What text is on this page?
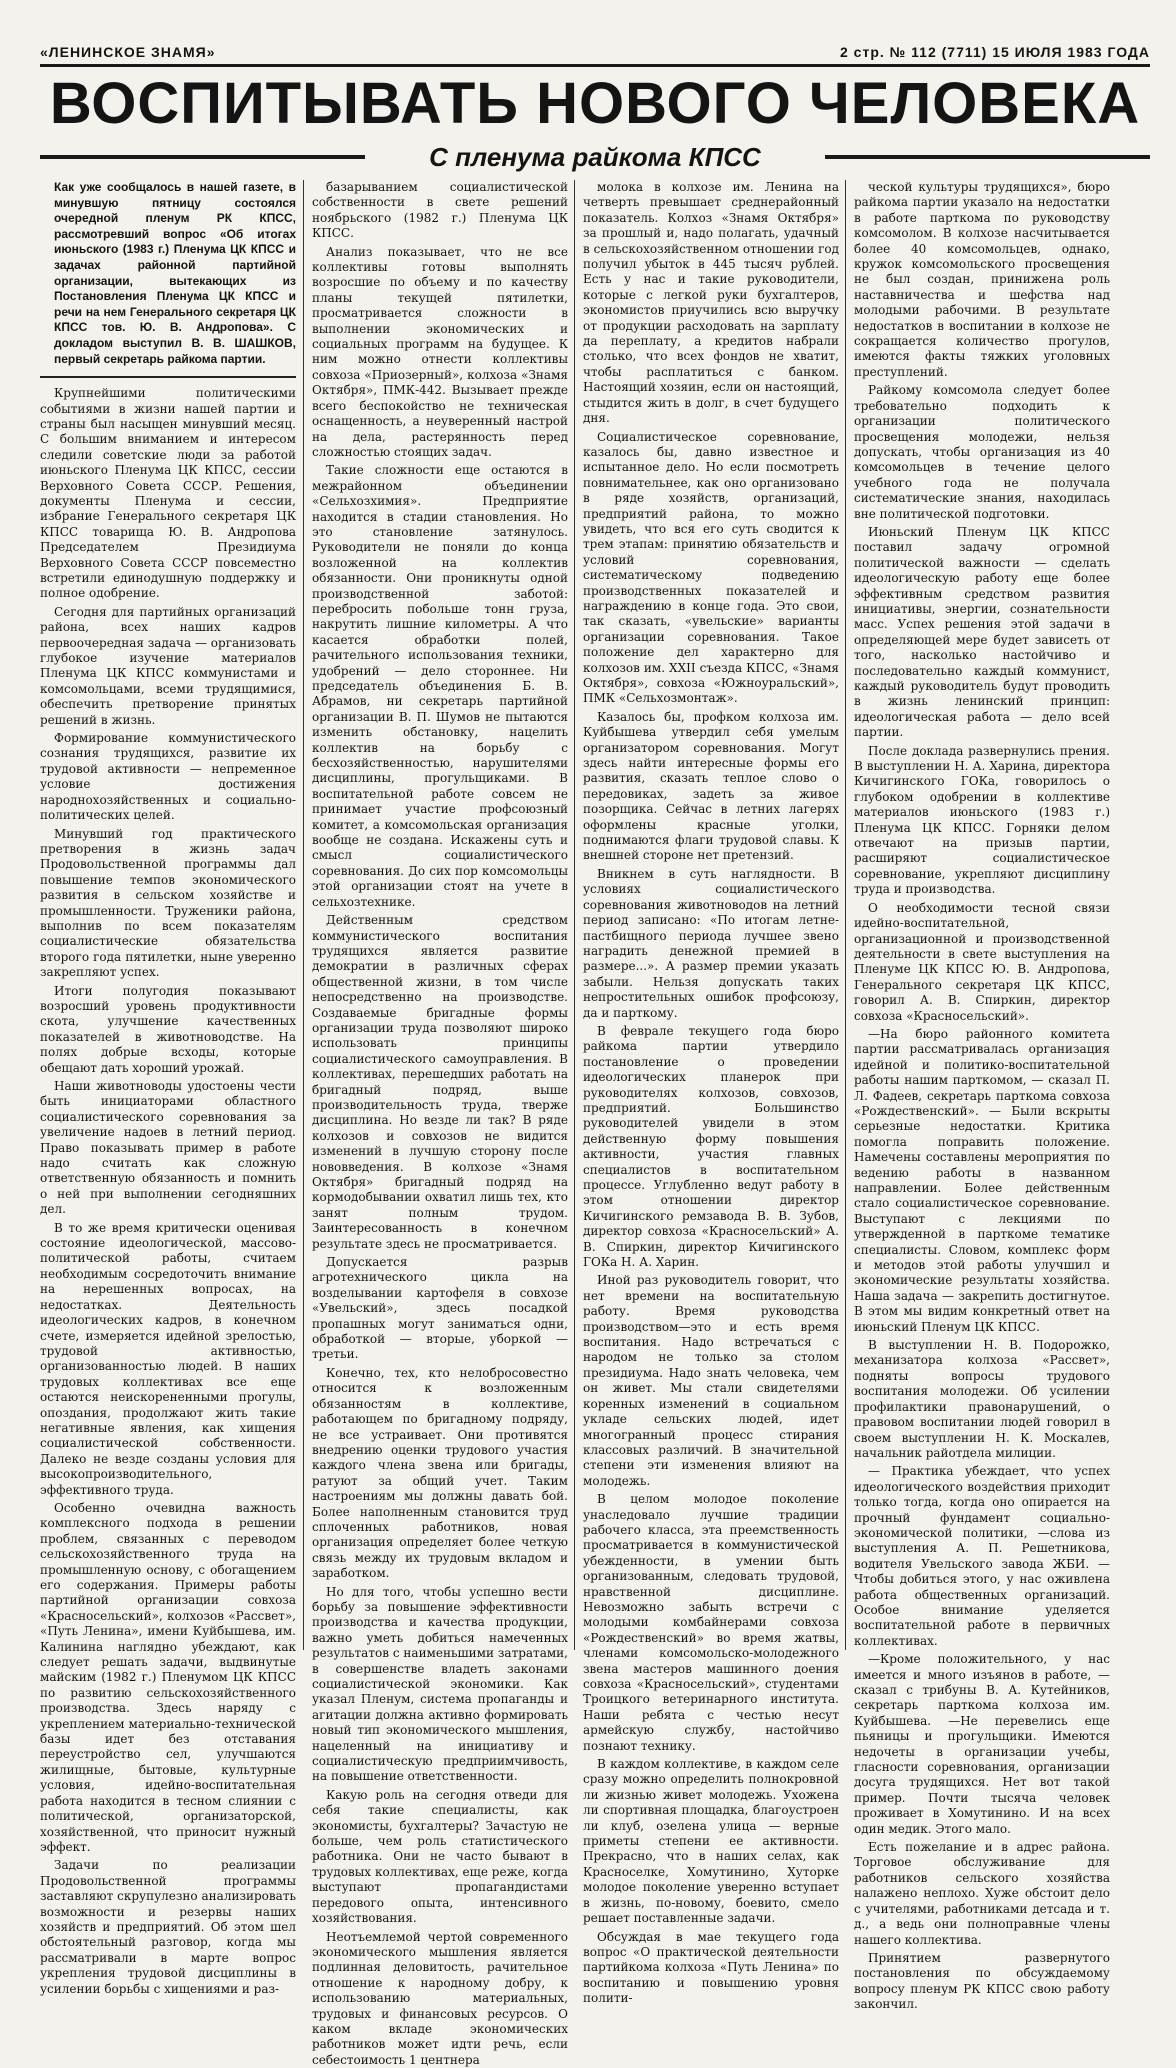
«ЛЕНИНСКОЕ ЗНАМЯ»	2 стр. № 112 (7711) 15 ИЮЛЯ 1983 ГОДА
ВОСПИТЫВАТЬ НОВОГО ЧЕЛОВЕКА
С пленума райкома КПСС

Как уже сообщалось в нашей газете, в минувшую пятницу состоялся очередной пленум РК КПСС, рассмотревший вопрос «Об итогах июньского (1983 г.) Пленума ЦК КПСС и задачах районной партийной организации, вытекающих из Постановления Пленума ЦК КПСС и речи на нем Генерального секретаря ЦК КПСС тов. Ю. В. Андропова». С докладом выступил В. В. ШАШКОВ, первый секретарь райкома партии.

Крупнейшими политическими событиями в жизни нашей партии и страны был насыщен минувший месяц. С большим вниманием и интересом следили советские люди за работой июньского Пленума ЦК КПСС, сессии Верховного Совета СССР. Решения, документы Пленума и сессии, избрание Генерального секретаря ЦК КПСС товарища Ю. В. Андропова Председателем Президиума Верховного Совета СССР повсеместно встретили единодушную поддержку и полное одобрение.

Сегодня для партийных организаций района, всех наших кадров первоочередная задача — организовать глубокое изучение материалов Пленума ЦК КПСС коммунистами и комсомольцами, всеми трудящимися, обеспечить претворение принятых решений в жизнь.

Формирование коммунистического сознания трудящихся, развитие их трудовой активности — непременное условие достижения народнохозяйственных и социально-политических целей.

Минувший год практического претворения в жизнь задач Продовольственной программы дал повышение темпов экономического развития в сельском хозяйстве и промышленности. Труженики района, выполнив по всем показателям социалистические обязательства второго года пятилетки, ныне уверенно закрепляют успех.

Итоги полугодия показывают возросший уровень продуктивности скота, улучшение качественных показателей в животноводстве. На полях добрые всходы, которые обещают дать хороший урожай.

Наши животноводы удостоены чести быть инициаторами областного социалистического соревнования за увеличение надоев в летний период. Право показывать пример в работе надо считать как сложную ответственную обязанность и помнить о ней при выполнении сегодняшних дел.

В то же время критически оценивая состояние идеологической, массово-политической работы, считаем необходимым сосредоточить внимание на нерешенных вопросах, на недостатках. Деятельность идеологических кадров, в конечном счете, измеряется идейной зрелостью, трудовой активностью, организованностью людей. В наших трудовых коллективах все еще остаются неискорененными прогулы, опоздания, продолжают жить такие негативные явления, как хищения социалистической собственности. Далеко не везде созданы условия для высокопроизводительного, эффективного труда.

Особенно очевидна важность комплексного подхода в решении проблем, связанных с переводом сельскохозяйственного труда на промышленную основу, с обогащением его содержания. Примеры работы партийной организации совхоза «Красносельский», колхозов «Рассвет», «Путь Ленина», имени Куйбышева, им. Калинина наглядно убеждают, как следует решать задачи, выдвинутые майским (1982 г.) Пленумом ЦК КПСС по развитию сельскохозяйственного производства. Здесь наряду с укреплением материально-технической базы идет без отставания переустройство сел, улучшаются жилищные, бытовые, культурные условия, идейно-воспитательная работа находится в тесном слиянии с политической, организаторской, хозяйственной, что приносит нужный эффект.

Задачи по реализации Продовольственной программы заставляют скрупулезно анализировать возможности и резервы наших хозяйств и предприятий. Об этом шел обстоятельный разговор, когда мы рассматривали в марте вопрос укрепления трудовой дисциплины в усилении борьбы с хищениями и раз-

базарыванием социалистической собственности в свете решений ноябрьского (1982 г.) Пленума ЦК КПСС.

Анализ показывает, что не все коллективы готовы выполнять возросшие по объему и по качеству планы текущей пятилетки, просматривается сложности в выполнении экономических и социальных программ на будущее. К ним можно отнести коллективы совхоза «Приозерный», колхоза «Знамя Октября», ПМК-442. Вызывает прежде всего беспокойство не техническая оснащенность, а неуверенный настрой на дела, растерянность перед сложностью стоящих задач.

Такие сложности еще остаются в межрайонном объединении «Сельхозхимия». Предприятие находится в стадии становления. Но это становление затянулось. Руководители не поняли до конца возложенной на коллектив обязанности. Они проникнуты одной производственной заботой: перебросить побольше тонн груза, накрутить лишние километры. А что касается обработки полей, рачительного использования техники, удобрений — дело стороннее. Ни председатель объединения Б. В. Абрамов, ни секретарь партийной организации В. П. Шумов не пытаются изменить обстановку, нацелить коллектив на борьбу с бесхозяйственностью, нарушителями дисциплины, прогульщиками. В воспитательной работе совсем не принимает участие профсоюзный комитет, а комсомольская организация вообще не создана. Искажены суть и смысл социалистического соревнования. До сих пор комсомольцы этой организации стоят на учете в сельхозтехнике.

Действенным средством коммунистического воспитания трудящихся является развитие демократии в различных сферах общественной жизни, в том числе непосредственно на производстве. Создаваемые бригадные формы организации труда позволяют широко использовать принципы социалистического самоуправления. В коллективах, перешедших работать на бригадный подряд, выше производительность труда, тверже дисциплина. Но везде ли так? В ряде колхозов и совхозов не видится изменений в лучшую сторону после нововведения. В колхозе «Знамя Октября» бригадный подряд на кормодобывании охватил лишь тех, кто занят полным трудом. Заинтересованность в конечном результате здесь не просматривается.

Допускается разрыв агротехнического цикла на возделывании картофеля в совхозе «Увельский», здесь посадкой пропашных могут заниматься одни, обработкой — вторые, уборкой — третьи.

Конечно, тех, кто нелобросовестно относится к возложенным обязанностям в коллективе, работающем по бригадному подряду, не все устраивает. Они противятся внедрению оценки трудового участия каждого члена звена или бригады, ратуют за общий учет. Таким настроениям мы должны давать бой. Более наполненным становится труд сплоченных работников, новая организация определяет более четкую связь между их трудовым вкладом и заработком.

Но для того, чтобы успешно вести борьбу за повышение эффективности производства и качества продукции, важно уметь добиться намеченных результатов с наименьшими затратами, в совершенстве владеть законами социалистической экономики. Как указал Пленум, система пропаганды и агитации должна активно формировать новый тип экономического мышления, нацеленный на инициативу и социалистическую предприимчивость, на повышение ответственности.

Какую роль на сегодня отведи для себя такие специалисты, как экономисты, бухгалтеры? Зачастую не больше, чем роль статистического работника. Они не часто бывают в трудовых коллективах, еще реже, когда выступают пропагандистами передового опыта, интенсивного хозяйствования.

Неотъемлемой чертой современного экономического мышления является подлинная деловитость, рачительное отношение к народному добру, к использованию материальных, трудовых и финансовых ресурсов. О каком вкладе экономических работников может идти речь, если себестоимость 1 центнера

молока в колхозе им. Ленина на четверть превышает среднерайонный показатель. Колхоз «Знамя Октября» за прошлый и, надо полагать, удачный в сельскохозяйственном отношении год получил убыток в 445 тысяч рублей. Есть у нас и такие руководители, которые с легкой руки бухгалтеров, экономистов приучились всю выручку от продукции расходовать на зарплату да переплату, а кредитов набрали столько, что всех фондов не хватит, чтобы расплатиться с банком. Настоящий хозяин, если он настоящий, стыдится жить в долг, в счет будущего дня.

Социалистическое соревнование, казалось бы, давно известное и испытанное дело. Но если посмотреть повнимательнее, как оно организовано в ряде хозяйств, организаций, предприятий района, то можно увидеть, что вся его суть сводится к трем этапам: принятию обязательств и условий соревнования, систематическому подведению производственных показателей и награждению в конце года. Это свои, так сказать, «увельские» варианты организации соревнования. Такое положение дел характерно для колхозов им. XXII съезда КПСС, «Знамя Октября», совхоза «Южноуральский», ПМК «Сельхозмонтаж».

Казалось бы, профком колхоза им. Куйбышева утвердил себя умелым организатором соревнования. Могут здесь найти интересные формы его развития, сказать теплое слово о передовиках, задеть за живое позорщика. Сейчас в летних лагерях оформлены красные уголки, поднимаются флаги трудовой славы. К внешней стороне нет претензий.

Вникнем в суть наглядности. В условиях социалистического соревнования животноводов на летний период записано: «По итогам летне-пастбищного периода лучшее звено наградить денежной премией в размере...». А размер премии указать забыли. Нельзя допускать таких непростительных ошибок профсоюзу, да и парткому.

В феврале текущего года бюро райкома партии утвердило постановление о проведении идеологических планерок при руководителях колхозов, совхозов, предприятий. Большинство руководителей увидели в этом действенную форму повышения активности, участия главных специалистов в воспитательном процессе. Углубленно ведут работу в этом отношении директор Кичигинского ремзавода В. В. Зубов, директор совхоза «Красносельский» А. В. Спиркин, директор Кичигинского ГОКа Н. А. Харин.

Иной раз руководитель говорит, что нет времени на воспитательную работу. Время руководства производством—это и есть время воспитания. Надо встречаться с народом не только за столом президиума. Надо знать человека, чем он живет. Мы стали свидетелями коренных изменений в социальном укладе сельских людей, идет многогранный процесс стирания классовых различий. В значительной степени эти изменения влияют на молодежь.

В целом молодое поколение унаследовало лучшие традиции рабочего класса, эта преемственность просматривается в коммунистической убежденности, в умении быть организованным, следовать трудовой, нравственной дисциплине. Невозможно забыть встречи с молодыми комбайнерами совхоза «Рождественский» во время жатвы, членами комсомольско-молодежного звена мастеров машинного доения совхоза «Красносельский», студентами Троицкого ветеринарного института. Наши ребята с честью несут армейскую службу, настойчиво познают технику.

В каждом коллективе, в каждом селе сразу можно определить полнокровной ли жизнью живет молодежь. Ухожена ли спортивная площадка, благоустроен ли клуб, озелена улица — верные приметы степени ее активности. Прекрасно, что в наших селах, как Красноселке, Хомутинино, Хуторке молодое поколение уверенно вступает в жизнь, по-новому, боевито, смело решает поставленные задачи.

Обсуждая в мае текущего года вопрос «О практической деятельности партийкома колхоза «Путь Ленина» по воспитанию и повышению уровня полити-

ческой культуры трудящихся», бюро райкома партии указало на недостатки в работе парткома по руководству комсомолом. В колхозе насчитывается более 40 комсомольцев, однако, кружок комсомольского просвещения не был создан, принижена роль наставничества и шефства над молодыми рабочими. В результате недостатков в воспитании в колхозе не сокращается количество прогулов, имеются факты тяжких уголовных преступлений.

Райкому комсомола следует более требовательно подходить к организации политического просвещения молодежи, нельзя допускать, чтобы организация из 40 комсомольцев в течение целого учебного года не получала систематические знания, находилась вне политической подготовки.

Июньский Пленум ЦК КПСС поставил задачу огромной политической важности — сделать идеологическую работу еще более эффективным средством развития инициативы, энергии, сознательности масс. Успех решения этой задачи в определяющей мере будет зависеть от того, насколько настойчиво и последовательно каждый коммунист, каждый руководитель будут проводить в жизнь ленинский принцип: идеологическая работа — дело всей партии.

После доклада развернулись прения. В выступлении Н. А. Харина, директора Кичигинского ГОКа, говорилось о глубоком одобрении в коллективе материалов июньского (1983 г.) Пленума ЦК КПСС. Горняки делом отвечают на призыв партии, расширяют социалистическое соревнование, укрепляют дисциплину труда и производства.

О необходимости тесной связи идейно-воспитательной, организационной и производственной деятельности в свете выступления на Пленуме ЦК КПСС Ю. В. Андропова, Генерального секретаря ЦК КПСС, говорил А. В. Спиркин, директор совхоза «Красносельский».

—На бюро районного комитета партии рассматривалась организация идейной и политико-воспитательной работы нашим парткомом, — сказал П. Л. Фадеев, секретарь парткома совхоза «Рождественский». — Были вскрыты серьезные недостатки. Критика помогла поправить положение. Намечены составлены мероприятия по ведению работы в названном направлении. Более действенным стало социалистическое соревнование. Выступают с лекциями по утвержденной в парткоме тематике специалисты. Словом, комплекс форм и методов этой работы улучшил и экономические результаты хозяйства. Наша задача — закрепить достигнутое. В этом мы видим конкретный ответ на июньский Пленум ЦК КПСС.

В выступлении Н. В. Подорожко, механизатора колхоза «Рассвет», подняты вопросы трудового воспитания молодежи. Об усилении профилактики правонарушений, о правовом воспитании людей говорил в своем выступлении Н. К. Москалев, начальник райотдела милиции.

— Практика убеждает, что успех идеологического воздействия приходит только тогда, когда оно опирается на прочный фундамент социально-экономической политики, —слова из выступления А. П. Решетникова, водителя Увельского завода ЖБИ. — Чтобы добиться этого, у нас оживлена работа общественных организаций. Особое внимание уделяется воспитательной работе в первичных коллективах.

—Кроме положительного, у нас имеется и много изъянов в работе, —сказал с трибуны В. А. Кутейников, секретарь парткома колхоза им. Куйбышева. —Не перевелись еще пьяницы и прогульщики. Имеются недочеты в организации учебы, гласности соревнования, организации досуга трудящихся. Нет вот такой пример. Почти тысяча человек проживает в Хомутинино. И на всех один медик. Этого мало.

Есть пожелание и в адрес района. Торговое обслуживание для работников сельского хозяйства налажено неплохо. Хуже обстоит дело с учителями, работниками детсада и т. д., а ведь они полноправные члены нашего коллектива.

Принятием развернутого постановления по обсуждаемому вопросу пленум РК КПСС свою работу закончил.
